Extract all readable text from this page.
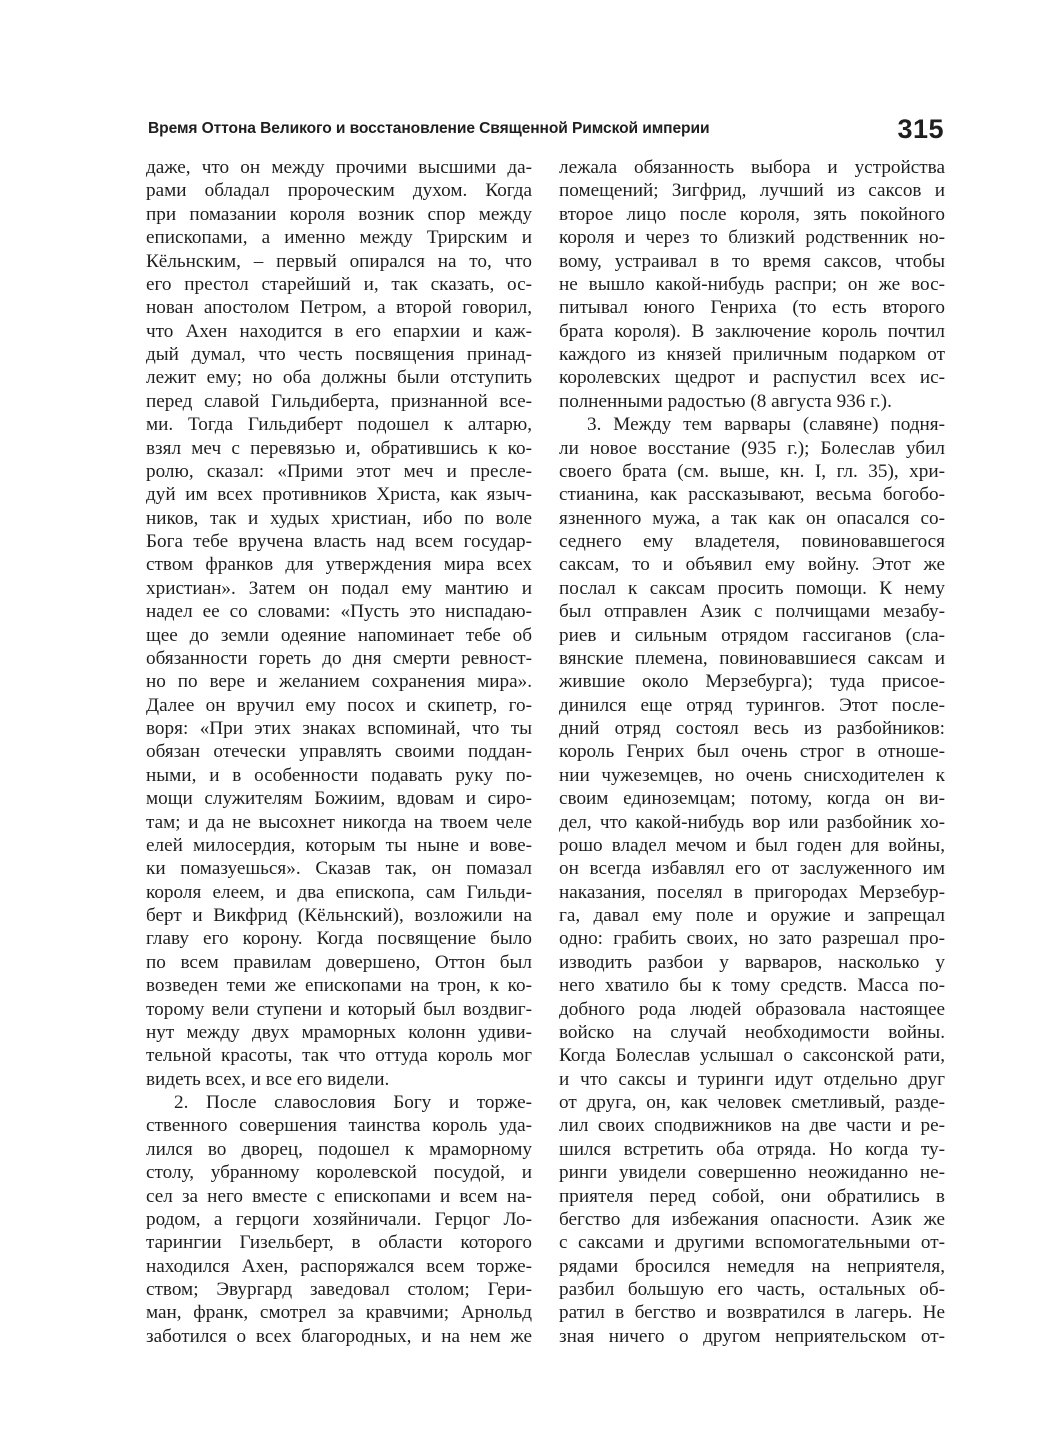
Время Оттона Великого и восстановление Священной Римской империи	315
даже, что он между прочими высшими да-
рами обладал пророческим духом. Когда
при помазании короля возник спор между
епископами, а именно между Трирским и
Кёльнским, – первый опирался на то, что
его престол старейший и, так сказать, ос-
нован апостолом Петром, а второй говорил,
что Ахен находится в его епархии и каж-
дый думал, что честь посвящения принад-
лежит ему; но оба должны были отступить
перед славой Гильдиберта, признанной все-
ми. Тогда Гильдиберт подошел к алтарю,
взял меч с перевязью и, обратившись к ко-
ролю, сказал: «Прими этот меч и пресле-
дуй им всех противников Христа, как языч-
ников, так и худых христиан, ибо по воле
Бога тебе вручена власть над всем государ-
ством франков для утверждения мира всех
христиан». Затем он подал ему мантию и
надел ее со словами: «Пусть это ниспадаю-
щее до земли одеяние напоминает тебе об
обязанности гореть до дня смерти ревност-
но по вере и желанием сохранения мира».
Далее он вручил ему посох и скипетр, го-
воря: «При этих знаках вспоминай, что ты
обязан отечески управлять своими поддан-
ными, и в особенности подавать руку по-
мощи служителям Божиим, вдовам и сиро-
там; и да не высохнет никогда на твоем челе
елей милосердия, которым ты ныне и вове-
ки помазуешься». Сказав так, он помазал
короля елеем, и два епископа, сам Гильди-
берт и Викфрид (Кёльнский), возложили на
главу его корону. Когда посвящение было
по всем правилам довершено, Оттон был
возведен теми же епископами на трон, к ко-
торому вели ступени и который был воздвиг-
нут между двух мраморных колонн удиви-
тельной красоты, так что оттуда король мог
видеть всех, и все его видели.
2. После славословия Богу и торже-
ственного совершения таинства король уда-
лился во дворец, подошел к мраморному
столу, убранному королевской посудой, и
сел за него вместе с епископами и всем на-
родом, а герцоги хозяйничали. Герцог Ло-
тарингии Гизельберт, в области которого
находился Ахен, распоряжался всем торже-
ством; Эвургард заведовал столом; Гери-
ман, франк, смотрел за кравчими; Арнольд
заботился о всех благородных, и на нем же
лежала обязанность выбора и устройства
помещений; Зигфрид, лучший из саксов и
второе лицо после короля, зять покойного
короля и через то близкий родственник но-
вому, устраивал в то время саксов, чтобы
не вышло какой-нибудь распри; он же вос-
питывал юного Генриха (то есть второго
брата короля). В заключение король почтил
каждого из князей приличным подарком от
королевских щедрот и распустил всех ис-
полненными радостью (8 августа 936 г.).
3. Между тем варвары (славяне) подня-
ли новое восстание (935 г.); Болеслав убил
своего брата (см. выше, кн. I, гл. 35), хри-
стианина, как рассказывают, весьма богобо-
язненного мужа, а так как он опасался со-
седнего ему владетеля, повиновавшегося
саксам, то и объявил ему войну. Этот же
послал к саксам просить помощи. К нему
был отправлен Азик с полчищами мезабу-
риев и сильным отрядом гассиганов (сла-
вянские племена, повиновавшиеся саксам и
жившие около Мерзебурга); туда присое-
динился еще отряд турингов. Этот после-
дний отряд состоял весь из разбойников:
король Генрих был очень строг в отноше-
нии чужеземцев, но очень снисходителен к
своим единоземцам; потому, когда он ви-
дел, что какой-нибудь вор или разбойник хо-
рошо владел мечом и был годен для войны,
он всегда избавлял его от заслуженного им
наказания, поселял в пригородах Мерзебур-
га, давал ему поле и оружие и запрещал
одно: грабить своих, но зато разрешал про-
изводить разбои у варваров, насколько у
него хватило бы к тому средств. Масса по-
добного рода людей образовала настоящее
войско на случай необходимости войны.
Когда Болеслав услышал о саксонской рати,
и что саксы и туринги идут отдельно друг
от друга, он, как человек сметливый, разде-
лил своих сподвижников на две части и ре-
шился встретить оба отряда. Но когда ту-
ринги увидели совершенно неожиданно не-
приятеля перед собой, они обратились в
бегство для избежания опасности. Азик же
с саксами и другими вспомогательными от-
рядами бросился немедля на неприятеля,
разбил большую его часть, остальных об-
ратил в бегство и возвратился в лагерь. Не
зная ничего о другом неприятельском от-
